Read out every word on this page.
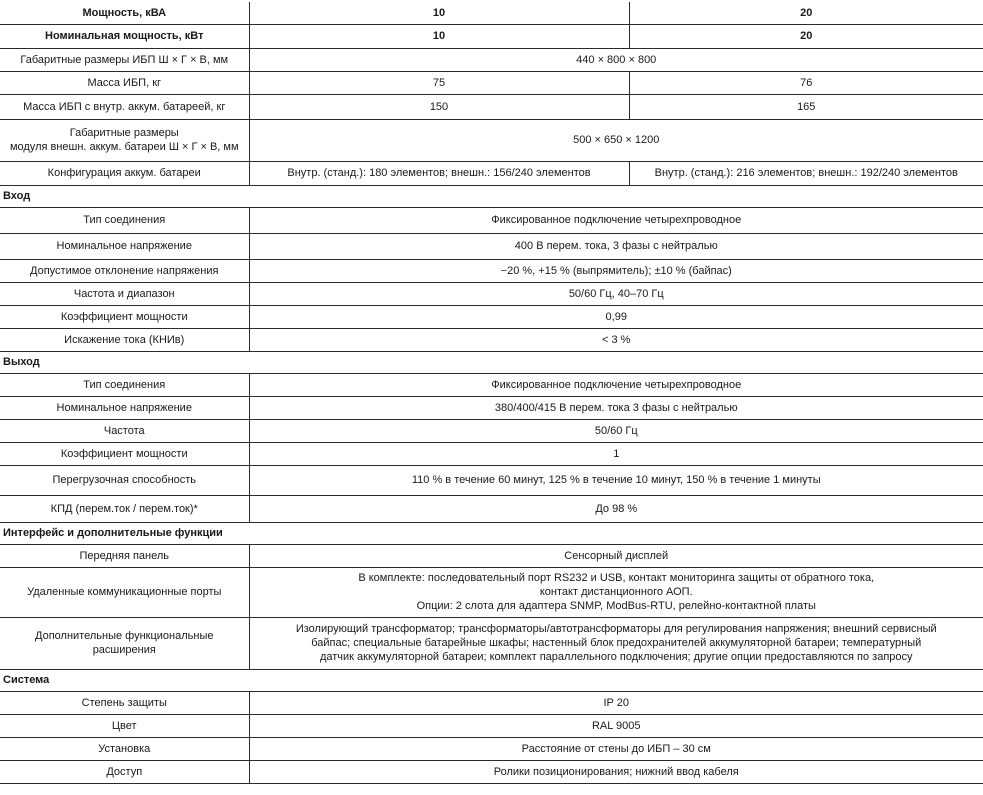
Мощность, кВА	10	20
Номинальная мощность, кВт	10	20
Габаритные размеры ИБП Ш × Г × В, мм	440 × 800 × 800	
Масса ИБП, кг	75	76
Масса ИБП с внутр. аккум. батареей, кг	150	165

Габаритные размеры
модуля внешн. аккум. батареи Ш × Г × В, мм	500 × 650 × 1200	
Конфигурация аккум. батареи	Внутр. (станд.): 180 элементов; внешн.: 156/240 элементов	Внутр. (станд.): 216 элементов; внешн.: 192/240 элементов
Вход		
Тип соединения	Фиксированное подключение четырехпроводное	
Номинальное напряжение	400 В перем. тока, 3 фазы с нейтралью	
Допустимое отклонение напряжения	−20 %, +15 % (выпрямитель); ±10 % (байпас)	
Частота и диапазон	50/60 Гц, 40–70 Гц	
Коэффициент мощности	0,99	
Искажение тока (КНИв)	< 3 %	
Выход		
Тип соединения	Фиксированное подключение четырехпроводное	
Номинальное напряжение	380/400/415 В перем. тока 3 фазы с нейтралью	
Частота	50/60 Гц	
Коэффициент мощности	1	
Перегрузочная способность	110 % в течение 60 минут, 125 % в течение 10 минут, 150 % в течение 1 минуты	
КПД (перем.ток / перем.ток)*	До 98 %	
Интерфейс и дополнительные функции		
Передняя панель	Сенсорный дисплей	
Удаленные коммуникационные порты	В комплекте: последовательный порт RS232 и USB, контакт мониторинга защиты от обратного тока,
контакт дистанционного АОП.
Опции: 2 слота для адаптера SNMP, ModBus-RTU, релейно-контактной платы	

Дополнительные функциональные расширения	Изолирующий трансформатор; трансформаторы/автотрансформаторы для регулирования напряжения; внешний сервисный
байпас; специальные батарейные шкафы; настенный блок предохранителей аккумуляторной батареи; температурный
датчик аккумуляторной батареи; комплект параллельного подключения; другие опции предоставляются по запросу	

Система		
Степень защиты	IP 20	
Цвет	RAL 9005	
Установка	Расстояние от стены до ИБП – 30 см	
Доступ	Ролики позиционирования; нижний ввод кабеля	
